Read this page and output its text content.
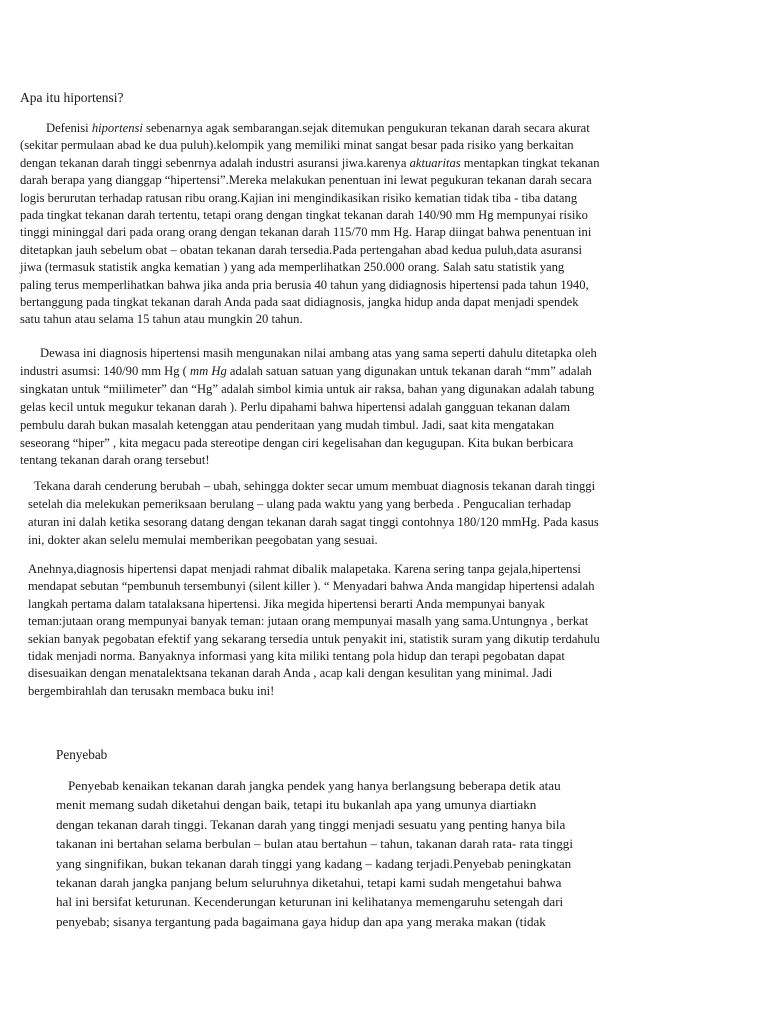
Apa itu hiportensi?

Defenisi hiportensi sebenarnya agak sembarangan.sejak ditemukan pengukuran tekanan darah secara akurat
(sekitar permulaan abad ke dua puluh).kelompik yang memiliki minat sangat besar pada risiko yang berkaitan
dengan tekanan darah tinggi sebenrnya adalah industri asuransi jiwa.karenya aktuaritas mentapkan tingkat tekanan
darah berapa yang dianggap “hipertensi”.Mereka melakukan penentuan ini lewat pegukuran tekanan darah secara
logis berurutan terhadap ratusan ribu orang.Kajian ini mengindikasikan risiko kematian tidak tiba - tiba datang
pada tingkat tekanan darah tertentu, tetapi orang dengan tingkat tekanan darah 140/90 mm Hg mempunyai risiko
tinggi mininggal dari pada orang orang dengan tekanan darah 115/70 mm Hg. Harap diingat bahwa penentuan ini
ditetapkan jauh sebelum obat – obatan tekanan darah tersedia.Pada pertengahan abad kedua puluh,data asuransi
jiwa (termasuk statistik angka kematian ) yang ada memperlihatkan 250.000 orang. Salah satu statistik yang
paling terus memperlihatkan bahwa jika anda pria berusia 40 tahun yang didiagnosis hipertensi pada tahun 1940,
bertanggung pada tingkat tekanan darah Anda pada saat didiagnosis, jangka hidup anda dapat menjadi spendek
satu tahun atau selama 15 tahun atau mungkin 20 tahun.

Dewasa ini diagnosis hipertensi masih mengunakan nilai ambang atas yang sama seperti dahulu ditetapka oleh
industri asumsi: 140/90 mm Hg ( mm Hg adalah satuan satuan yang digunakan untuk tekanan darah “mm” adalah
singkatan untuk “miilimeter” dan “Hg” adalah simbol kimia untuk air raksa, bahan yang digunakan adalah tabung
gelas kecil untuk megukur tekanan darah ). Perlu dipahami bahwa hipertensi adalah gangguan tekanan dalam
pembulu darah bukan masalah ketenggan atau penderitaan yang mudah timbul. Jadi, saat kita mengatakan
seseorang “hiper” , kita megacu pada stereotipe dengan ciri kegelisahan dan kegugupan. Kita bukan berbicara
tentang tekanan darah orang tersebut!

Tekana darah cenderung berubah – ubah, sehingga dokter secar umum membuat diagnosis tekanan darah tinggi
setelah dia melekukan pemeriksaan berulang – ulang pada waktu yang yang berbeda . Pengucalian terhadap
aturan ini dalah ketika sesorang datang dengan tekanan darah sagat tinggi contohnya 180/120 mmHg. Pada kasus
ini, dokter akan selelu memulai memberikan peegobatan yang sesuai.

Anehnya,diagnosis hipertensi dapat menjadi rahmat dibalik malapetaka. Karena sering tanpa gejala,hipertensi
mendapat sebutan “pembunuh tersembunyi (silent killer ). “ Menyadari bahwa Anda mangidap hipertensi adalah
langkah pertama dalam tatalaksana hipertensi. Jika megida hipertensi berarti Anda mempunyai banyak
teman:jutaan orang mempunyai banyak teman: jutaan orang mempunyai masalh yang sama.Untungnya , berkat
sekian banyak pegobatan efektif yang sekarang tersedia untuk penyakit ini, statistik suram yang dikutip terdahulu
tidak menjadi norma. Banyaknya informasi yang kita miliki tentang pola hidup dan terapi pegobatan dapat
disesuaikan dengan menatalektsana tekanan darah Anda , acap kali dengan kesulitan yang minimal. Jadi
bergembirahlah dan terusakn membaca buku ini!

Penyebab

Penyebab kenaikan tekanan darah jangka pendek yang hanya berlangsung beberapa detik atau
menit memang sudah diketahui dengan baik, tetapi itu bukanlah apa yang umunya diartiakn
dengan tekanan darah tinggi. Tekanan darah yang tinggi menjadi sesuatu yang penting hanya bila
takanan ini bertahan selama berbulan – bulan atau bertahun – tahun, takanan darah rata- rata tinggi
yang singnifikan, bukan tekanan darah tinggi yang kadang – kadang terjadi.Penyebab peningkatan
tekanan darah jangka panjang belum seluruhnya diketahui, tetapi kami sudah mengetahui bahwa
hal ini bersifat keturunan. Kecenderungan keturunan ini kelihatanya memengaruhu setengah dari
penyebab; sisanya tergantung pada bagaimana gaya hidup dan apa yang meraka makan (tidak
